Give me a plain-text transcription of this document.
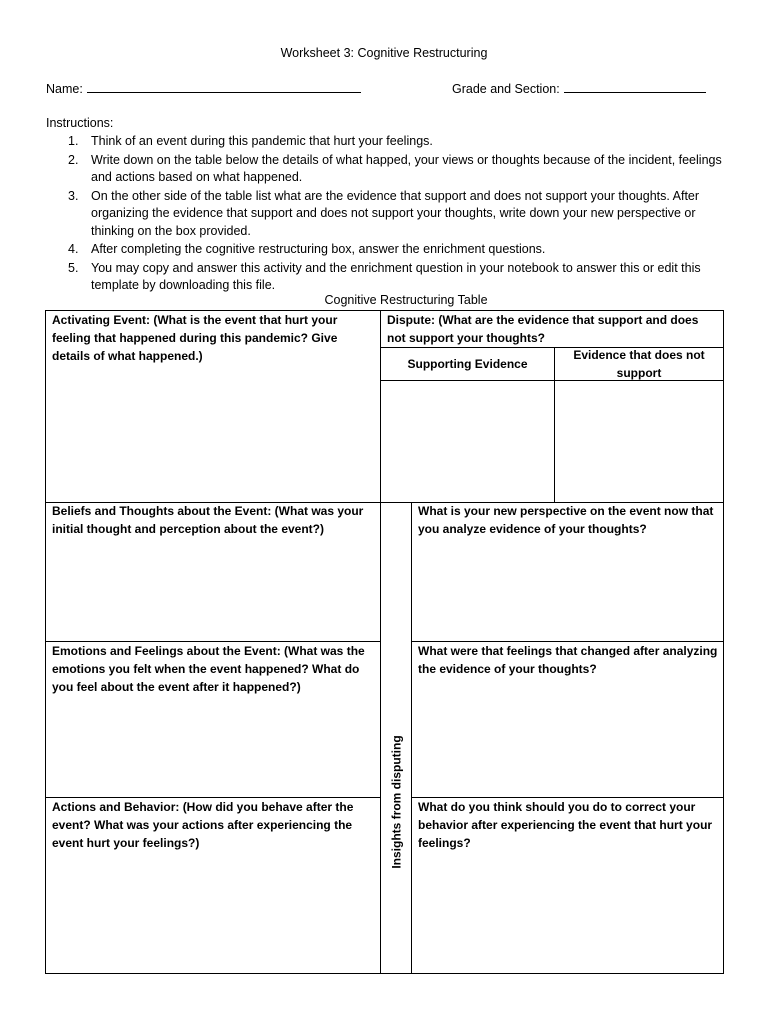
Worksheet 3: Cognitive Restructuring
Name:	Grade and Section:
Instructions:
1. Think of an event during this pandemic that hurt your feelings.
2. Write down on the table below the details of what happed, your views or thoughts because of the incident, feelings and actions based on what happened.
3. On the other side of the table list what are the evidence that support and does not support your thoughts. After organizing the evidence that support and does not support your thoughts, write down your new perspective or thinking on the box provided.
4. After completing the cognitive restructuring box, answer the enrichment questions.
5. You may copy and answer this activity and the enrichment question in your notebook to answer this or edit this template by downloading this file.
Cognitive Restructuring Table
Activating Event: (What is the event that hurt your feeling that happened during this pandemic? Give details of what happened.)
Dispute: (What are the evidence that support and does not support your thoughts?
Supporting Evidence
Evidence that does not support
Beliefs and Thoughts about the Event: (What was your initial thought and perception about the event?)
What is your new perspective on the event now that you analyze evidence of your thoughts?
Emotions and Feelings about the Event: (What was the emotions you felt when the event happened? What do you feel about the event after it happened?)
What were that feelings that changed after analyzing the evidence of your thoughts?
Actions and Behavior: (How did you behave after the event? What was your actions after experiencing the event hurt your feelings?)
What do you think should you do to correct your behavior after experiencing the event that hurt your feelings?
Insights from disputing
